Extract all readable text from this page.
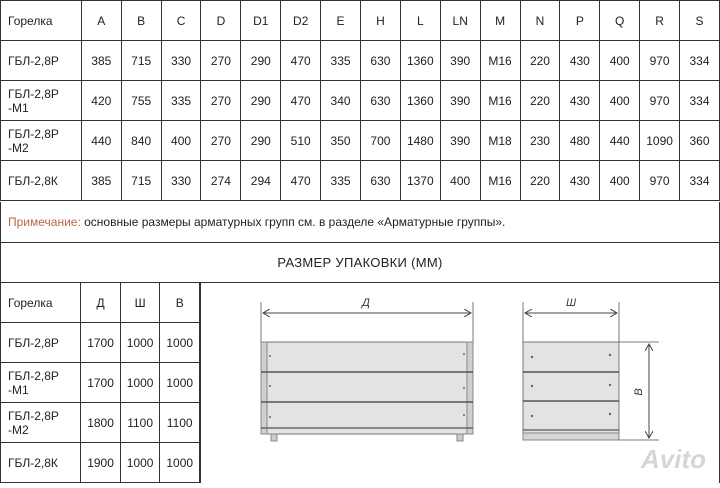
Горелка	A	B	C	D	D1	D2	E	H	L	LN	M	N	P	Q	R	S
ГБЛ-2,8Р	385	715	330	270	290	470	335	630	1360	390	M16	220	430	400	970	334
ГБЛ-2,8Р
-М1	420	755	335	270	290	470	340	630	1360	390	M16	220	430	400	970	334
ГБЛ-2,8Р
-М2	440	840	400	270	290	510	350	700	1480	390	M18	230	480	440	1090	360
ГБЛ-2,8К	385	715	330	274	294	470	335	630	1370	400	M16	220	430	400	970	334
Примечание: основные размеры арматурных групп см. в разделе «Арматурные группы».
РАЗМЕР УПАКОВКИ (ММ)
Горелка	Д	Ш	В
ГБЛ-2,8Р	1700	1000	1000
ГБЛ-2,8Р
-М1	1700	1000	1000
ГБЛ-2,8Р
-М2	1800	1100	1100
ГБЛ-2,8К	1900	1000	1000
Д	Ш
В
Avito
